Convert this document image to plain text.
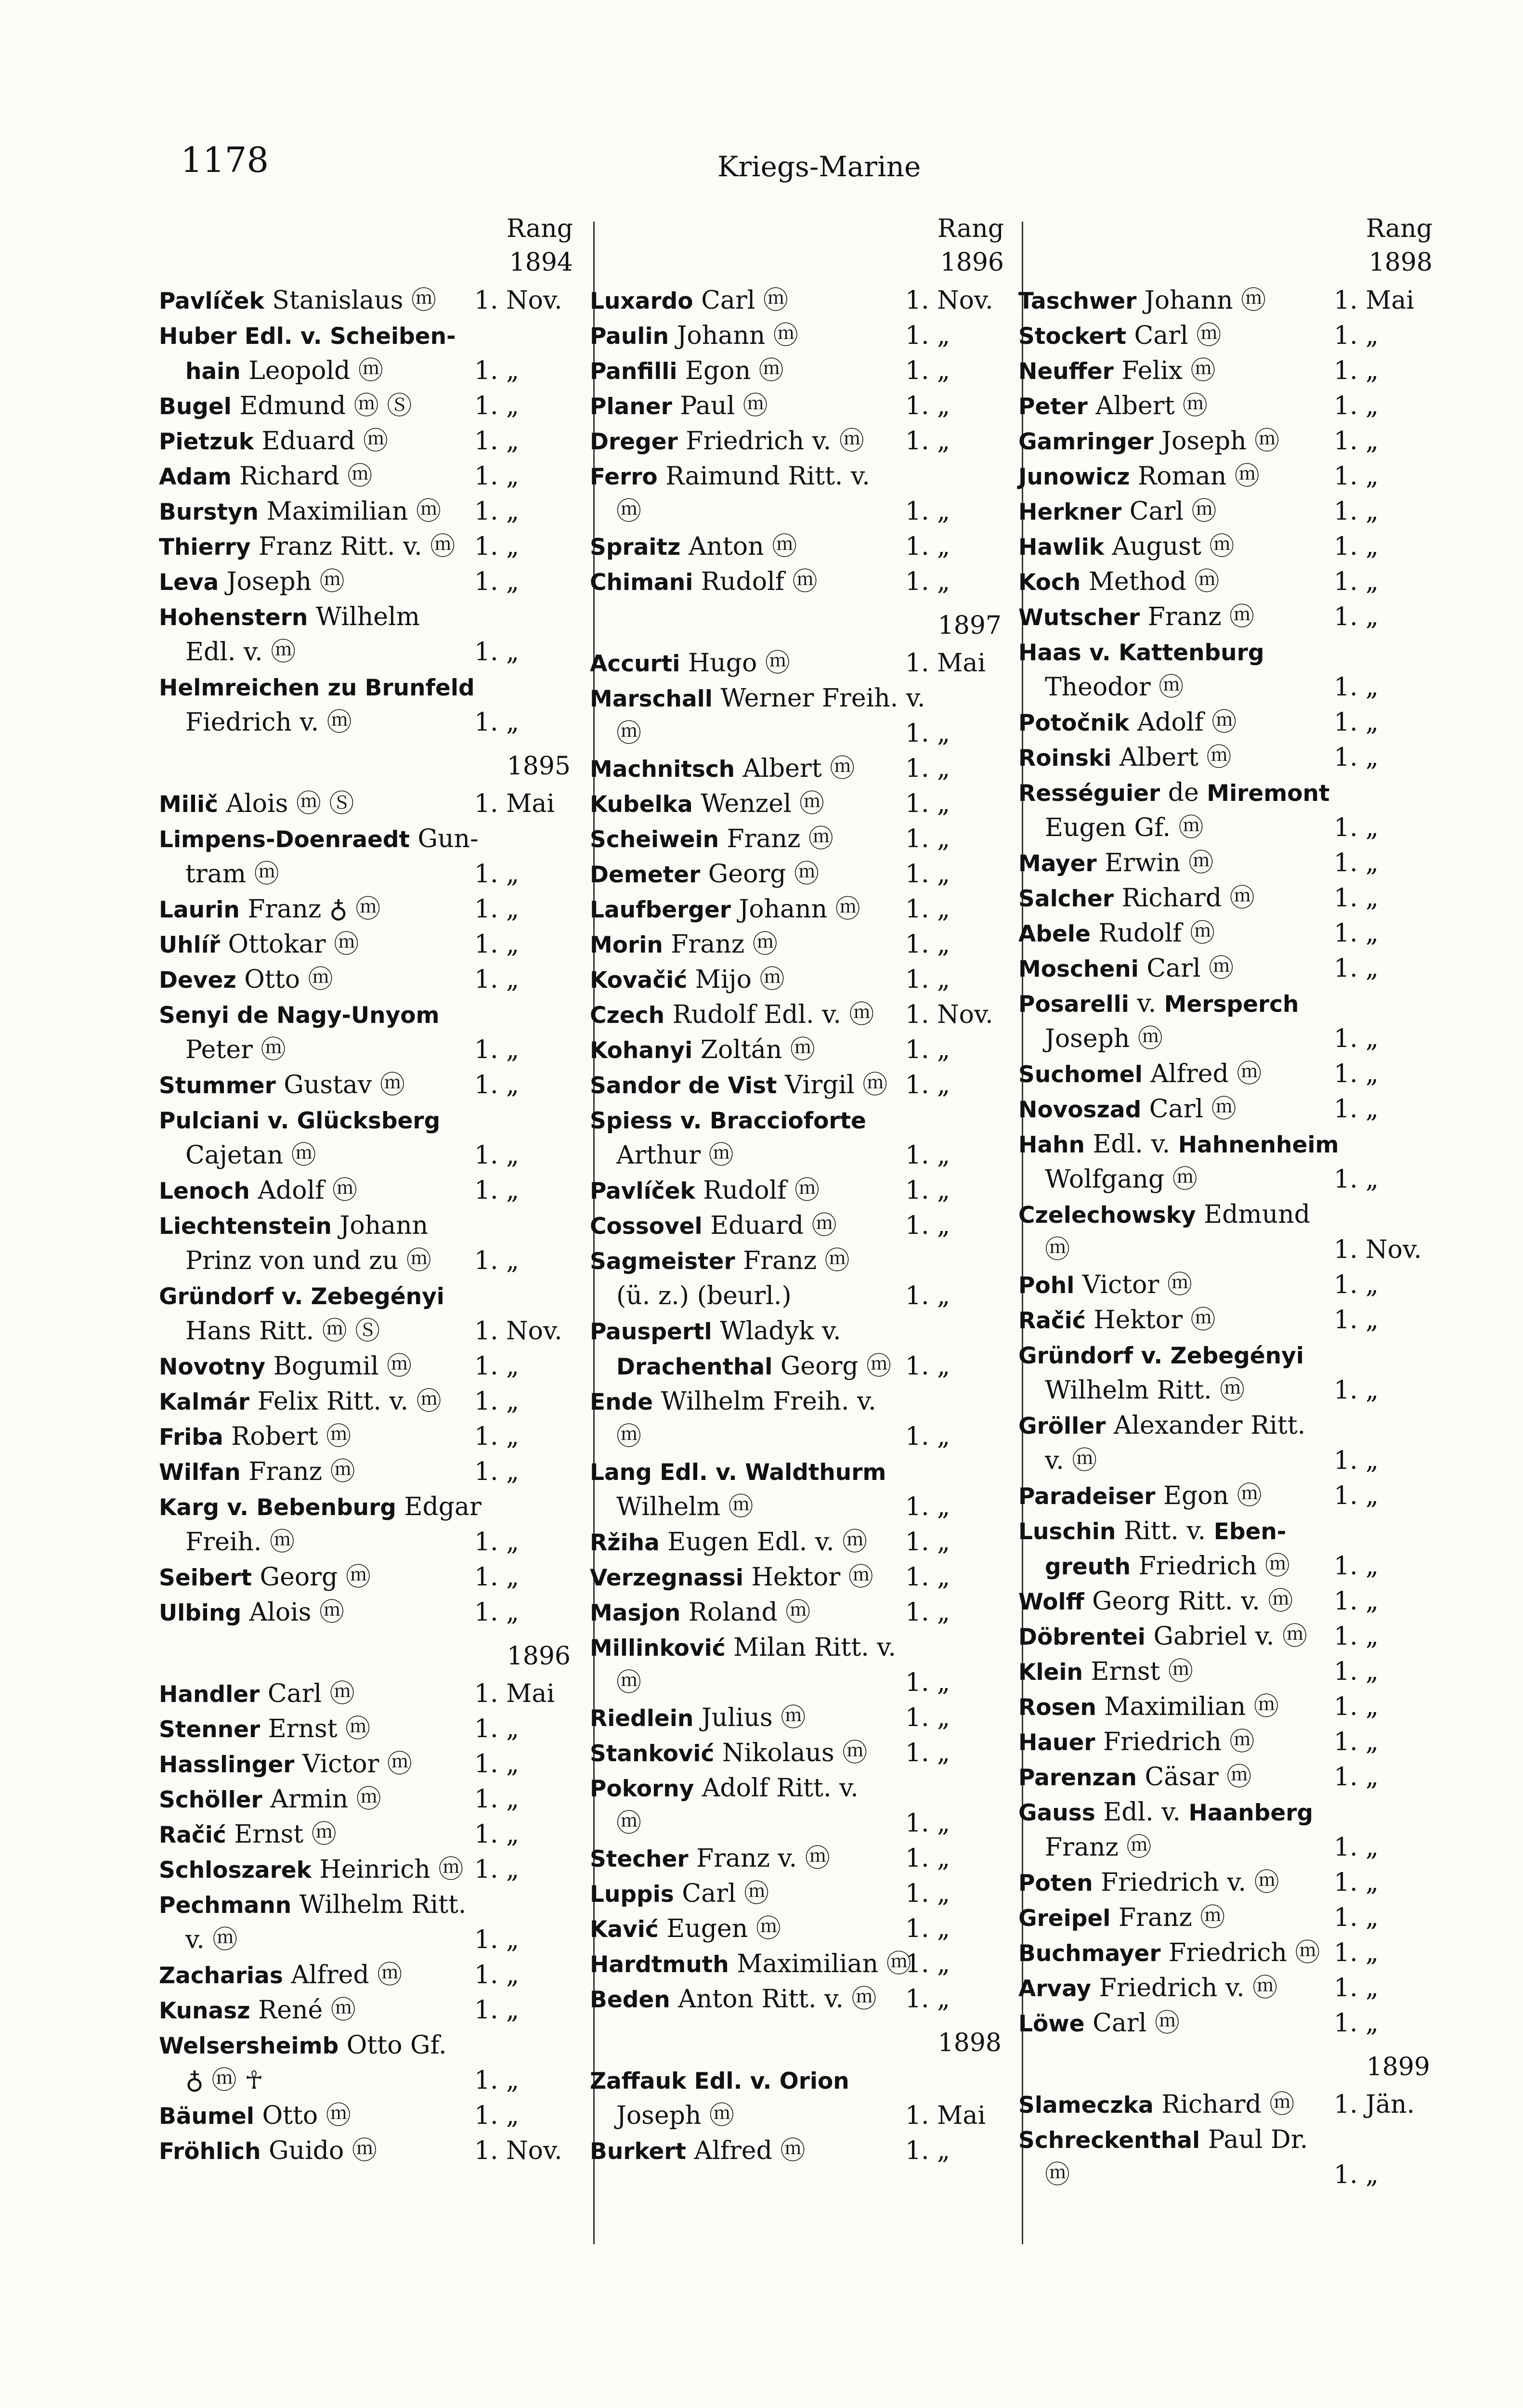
1178	Kriegs-Marine
Rang
1894
Pavlíček Stanislaus ⓜ 1. Nov.
Huber Edl. v. Scheiben-
hain Leopold ⓜ	1. „
Bugel Edmund ⓜ Ⓢ 1. „
Pietzuk Eduard ⓜ	1. „
Adam Richard ⓜ	1. „
Burstyn Maximilian ⓜ 1. „
Thierry Franz Ritt. v. ⓜ 1. „
Leva Joseph ⓜ	1. „
Hohenstern Wilhelm
Edl. v. ⓜ	1. „
Helmreichen zu Brunfeld
Fiedrich v. ⓜ	1. „
1895
Milič Alois ⓜ Ⓢ	1. Mai
Limpens-Doenraedt Gun-
tram ⓜ	1. „
Laurin Franz ♁ ⓜ	1. „
Uhlíř Ottokar ⓜ	1. „
Devez Otto ⓜ	1. „
Senyi de Nagy-Unyom
Peter ⓜ	1. „
Stummer Gustav ⓜ	1. „
Pulciani v. Glücksberg
Cajetan ⓜ	1. „
Lenoch Adolf ⓜ	1. „
Liechtenstein Johann
Prinz von und zu ⓜ 1. „
Gründorf v. Zebegényi
Hans Ritt. ⓜ Ⓢ	1. Nov.
Novotny Bogumil ⓜ 1. „
Kalmár Felix Ritt. v. ⓜ 1. „
Friba Robert ⓜ	1. „
Wilfan Franz ⓜ	1. „
Karg v. Bebenburg Edgar
Freih. ⓜ	1. „
Seibert Georg ⓜ	1. „
Ulbing Alois ⓜ	1. „
1896
Handler Carl ⓜ	1. Mai
Stenner Ernst ⓜ	1. „
Hasslinger Victor ⓜ 1. „
Schöller Armin ⓜ	1. „
Račić Ernst ⓜ	1. „
Schloszarek Heinrich ⓜ 1. „
Pechmann Wilhelm Ritt.
v. ⓜ	1. „
Zacharias Alfred ⓜ	1. „
Kunasz René ⓜ	1. „
Welsersheimb Otto Gf.
♁ ⓜ ☥	1. „
Bäumel Otto ⓜ	1. „
Fröhlich Guido ⓜ	1. Nov.
Rang
1896
Luxardo Carl ⓜ	1. Nov.
Paulin Johann ⓜ	1. „
Panfilli Egon ⓜ	1. „
Planer Paul ⓜ	1. „
Dreger Friedrich v. ⓜ 1. „
Ferro Raimund Ritt. v.
ⓜ	1. „
Spraitz Anton ⓜ	1. „
Chimani Rudolf ⓜ	1. „
1897
Accurti Hugo ⓜ	1. Mai
Marschall Werner Freih. v.
ⓜ	1. „
Machnitsch Albert ⓜ 1. „
Kubelka Wenzel ⓜ	1. „
Scheiwein Franz ⓜ	1. „
Demeter Georg ⓜ	1. „
Laufberger Johann ⓜ 1. „
Morin Franz ⓜ	1. „
Kovačić Mijo ⓜ	1. „
Czech Rudolf Edl. v. ⓜ 1. Nov.
Kohanyi Zoltán ⓜ	1. „
Sandor de Vist Virgil ⓜ 1. „
Spiess v. Braccioforte
Arthur ⓜ	1. „
Pavlíček Rudolf ⓜ	1. „
Cossovel Eduard ⓜ	1. „
Sagmeister Franz ⓜ
(ü. z.) (beurl.)	1. „
Pauspertl Wladyk v.
Drachenthal Georg ⓜ 1. „
Ende Wilhelm Freih. v.
ⓜ	1. „
Lang Edl. v. Waldthurm
Wilhelm ⓜ	1. „
Ržiha Eugen Edl. v. ⓜ 1. „
Verzegnassi Hektor ⓜ 1. „
Masjon Roland ⓜ	1. „
Millinković Milan Ritt. v.
ⓜ	1. „
Riedlein Julius ⓜ	1. „
Stanković Nikolaus ⓜ 1. „
Pokorny Adolf Ritt. v.
ⓜ	1. „
Stecher Franz v. ⓜ	1. „
Luppis Carl ⓜ	1. „
Kavić Eugen ⓜ	1. „
Hardtmuth Maximilian ⓜ
1. „
Beden Anton Ritt. v. ⓜ 1. „
1898
Zaffauk Edl. v. Orion
Joseph ⓜ	1. Mai
Burkert Alfred ⓜ	1. „
Rang
1898
Taschwer Johann ⓜ	1. Mai
Stockert Carl ⓜ	1. „
Neuffer Felix ⓜ	1. „
Peter Albert ⓜ	1. „
Gamringer Joseph ⓜ 1. „
Junowicz Roman ⓜ	1. „
Herkner Carl ⓜ	1. „
Hawlik August ⓜ	1. „
Koch Method ⓜ	1. „
Wutscher Franz ⓜ	1. „
Haas v. Kattenburg
Theodor ⓜ	1. „
Potočnik Adolf ⓜ	1. „
Roinski Albert ⓜ	1. „
Rességuier de Miremont
Eugen Gf. ⓜ	1. „
Mayer Erwin ⓜ	1. „
Salcher Richard ⓜ	1. „
Abele Rudolf ⓜ	1. „
Moscheni Carl ⓜ	1. „
Posarelli v. Mersperch
Joseph ⓜ	1. „
Suchomel Alfred ⓜ	1. „
Novoszad Carl ⓜ	1. „
Hahn Edl. v. Hahnenheim
Wolfgang ⓜ	1. „
Czelechowsky Edmund
ⓜ	1. Nov.
Pohl Victor ⓜ	1. „
Račić Hektor ⓜ	1. „
Gründorf v. Zebegényi
Wilhelm Ritt. ⓜ	1. „
Gröller Alexander Ritt.
v. ⓜ	1. „
Paradeiser Egon ⓜ	1. „
Luschin Ritt. v. Eben-
greuth Friedrich ⓜ 1. „
Wolff Georg Ritt. v. ⓜ 1. „
Döbrentei Gabriel v. ⓜ 1. „
Klein Ernst ⓜ	1. „
Rosen Maximilian ⓜ 1. „
Hauer Friedrich ⓜ	1. „
Parenzan Cäsar ⓜ	1. „
Gauss Edl. v. Haanberg
Franz ⓜ	1. „
Poten Friedrich v. ⓜ 1. „
Greipel Franz ⓜ	1. „
Buchmayer Friedrich ⓜ 1. „
Arvay Friedrich v. ⓜ 1. „
Löwe Carl ⓜ	1. „
1899
Slameczka Richard ⓜ 1. Jän.
Schreckenthal Paul Dr.
ⓜ	1. „
